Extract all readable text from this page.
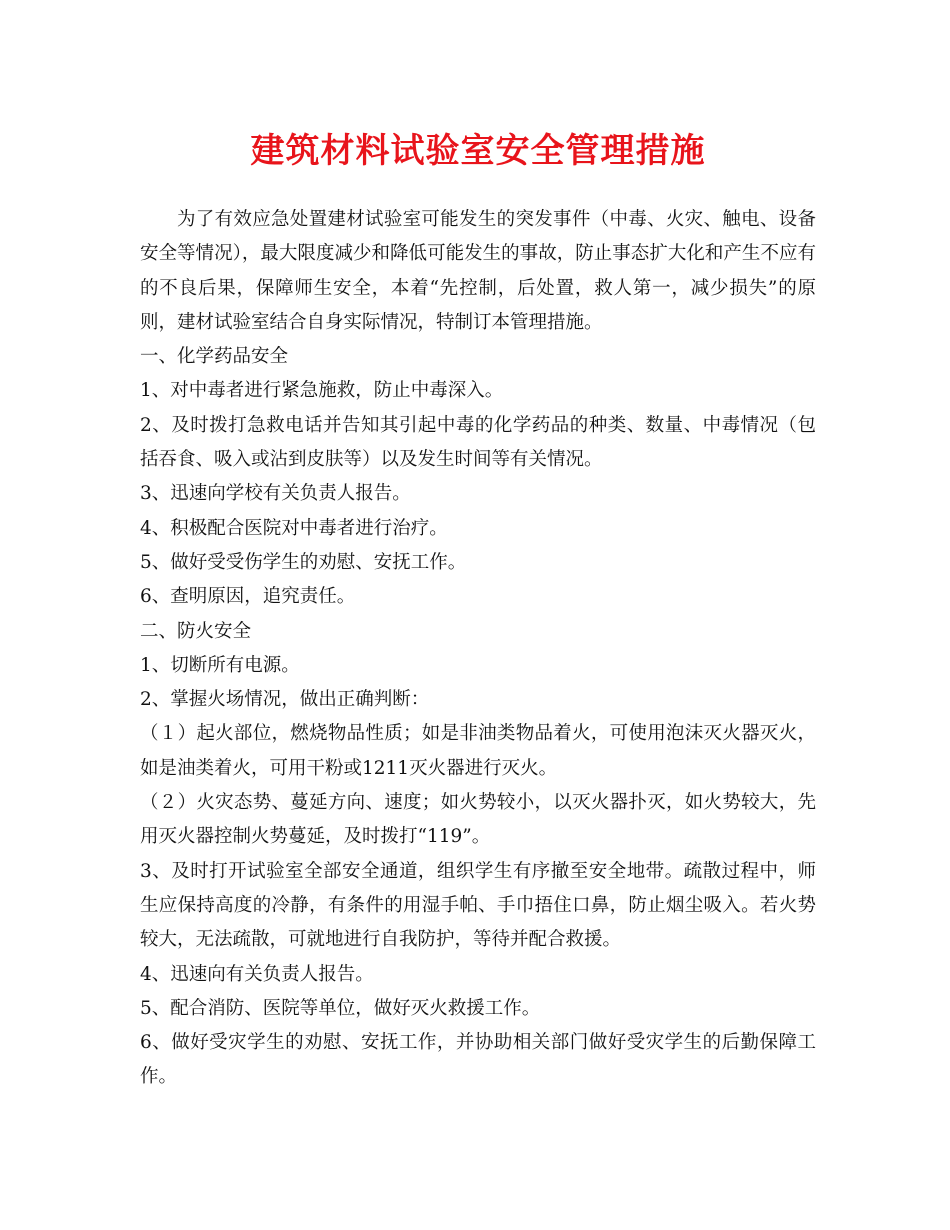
建筑材料试验室安全管理措施

为了有效应急处置建材试验室可能发生的突发事件（中毒、火灾、触电、设备安全等情况），最大限度减少和降低可能发生的事故，防止事态扩大化和产生不应有的不良后果，保障师生安全，本着“先控制，后处置，救人第一，减少损失”的原则，建材试验室结合自身实际情况，特制订本管理措施。

一、化学药品安全

1、对中毒者进行紧急施救，防止中毒深入。

2、及时拨打急救电话并告知其引起中毒的化学药品的种类、数量、中毒情况（包括吞食、吸入或沾到皮肤等）以及发生时间等有关情况。

3、迅速向学校有关负责人报告。

4、积极配合医院对中毒者进行治疗。

5、做好受受伤学生的劝慰、安抚工作。

6、查明原因，追究责任。

二、防火安全

1、切断所有电源。

2、掌握火场情况，做出正确判断：

（１）起火部位，燃烧物品性质；如是非油类物品着火，可使用泡沫灭火器灭火，如是油类着火，可用干粉或1211灭火器进行灭火。

（２）火灾态势、蔓延方向、速度；如火势较小，以灭火器扑灭，如火势较大，先用灭火器控制火势蔓延，及时拨打“119”。

3、及时打开试验室全部安全通道，组织学生有序撤至安全地带。疏散过程中，师生应保持高度的冷静，有条件的用湿手帕、手巾捂住口鼻，防止烟尘吸入。若火势较大，无法疏散，可就地进行自我防护，等待并配合救援。

4、迅速向有关负责人报告。

5、配合消防、医院等单位，做好灭火救援工作。

6、做好受灾学生的劝慰、安抚工作，并协助相关部门做好受灾学生的后勤保障工作。
